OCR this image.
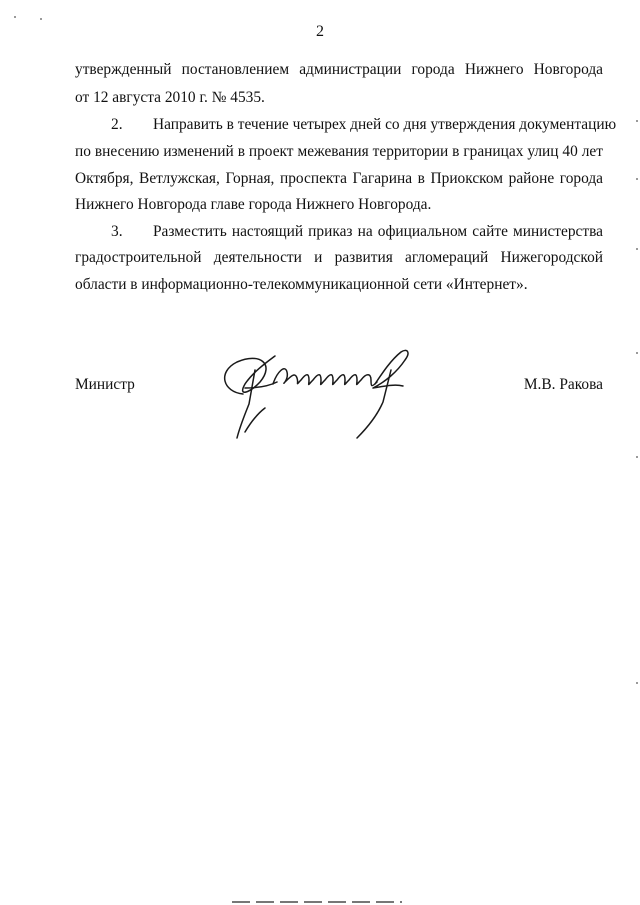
2
утвержденный постановлением администрации города Нижнего Новгорода
от 12 августа 2010 г. № 4535.
2. Направить в течение четырех дней со дня утверждения документацию
по внесению изменений в проект межевания территории в границах улиц 40 лет
Октября, Ветлужская, Горная, проспекта Гагарина в Приокском районе города
Нижнего Новгорода главе города Нижнего Новгорода.
3. Разместить настоящий приказ на официальном сайте министерства
градостроительной деятельности и развития агломераций Нижегородской
области в информационно-телекоммуникационной сети «Интернет».
Министр	М.В. Ракова
